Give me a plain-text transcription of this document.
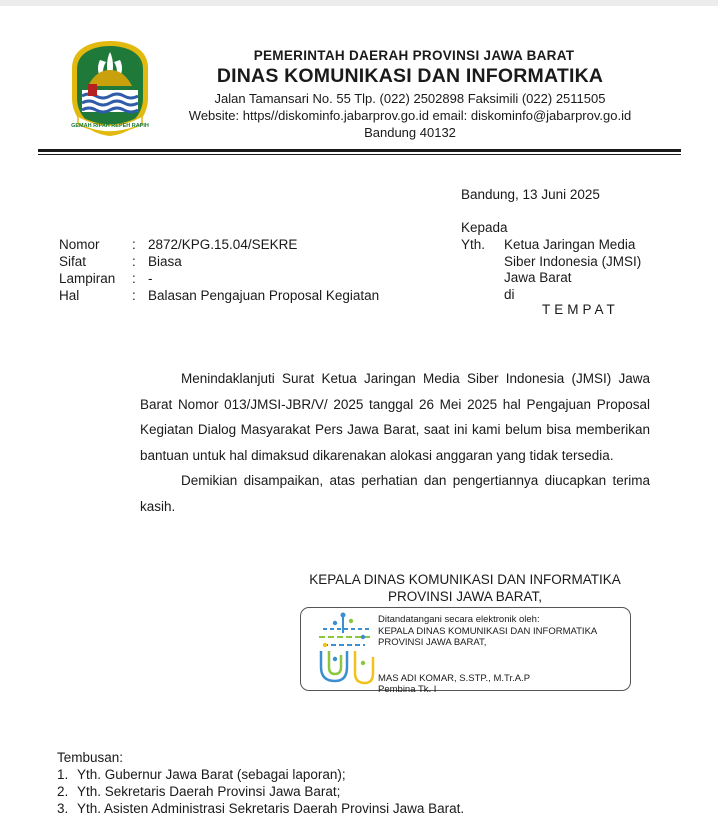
GEMAH RIPAH REPEH RAPIH
PEMERINTAH DAERAH PROVINSI JAWA BARAT
DINAS KOMUNIKASI DAN INFORMATIKA
Jalan Tamansari No. 55 Tlp. (022) 2502898 Faksimili (022) 2511505
Website: https//diskominfo.jabarprov.go.id email: diskominfo@jabarprov.go.id
Bandung 40132
Bandung, 13 Juni 2025
Kepada
Yth. Ketua Jaringan Media
Siber Indonesia (JMSI)
Jawa Barat
di
TEMPAT
Nomor : 2872/KPG.15.04/SEKRE
Sifat	: Biasa
Lampiran : -
Hal	: Balasan Pengajuan Proposal Kegiatan

Menindaklanjuti Surat Ketua Jaringan Media Siber Indonesia (JMSI) Jawa Barat Nomor 013/JMSI-JBR/V/ 2025 tanggal 26 Mei 2025 hal Pengajuan Proposal Kegiatan Dialog Masyarakat Pers Jawa Barat, saat ini kami belum bisa memberikan bantuan untuk hal dimaksud dikarenakan alokasi anggaran yang tidak tersedia.

Demikian disampaikan, atas perhatian dan pengertiannya diucapkan terima kasih.

KEPALA DINAS KOMUNIKASI DAN INFORMATIKA
PROVINSI JAWA BARAT,
Ditandatangani secara elektronik oleh:
KEPALA DINAS KOMUNIKASI DAN INFORMATIKA
PROVINSI JAWA BARAT,
MAS ADI KOMAR, S.STP., M.Tr.A.P
Pembina Tk. I
Tembusan:
1. Yth. Gubernur Jawa Barat (sebagai laporan);
2. Yth. Sekretaris Daerah Provinsi Jawa Barat;
3. Yth. Asisten Administrasi Sekretaris Daerah Provinsi Jawa Barat.
